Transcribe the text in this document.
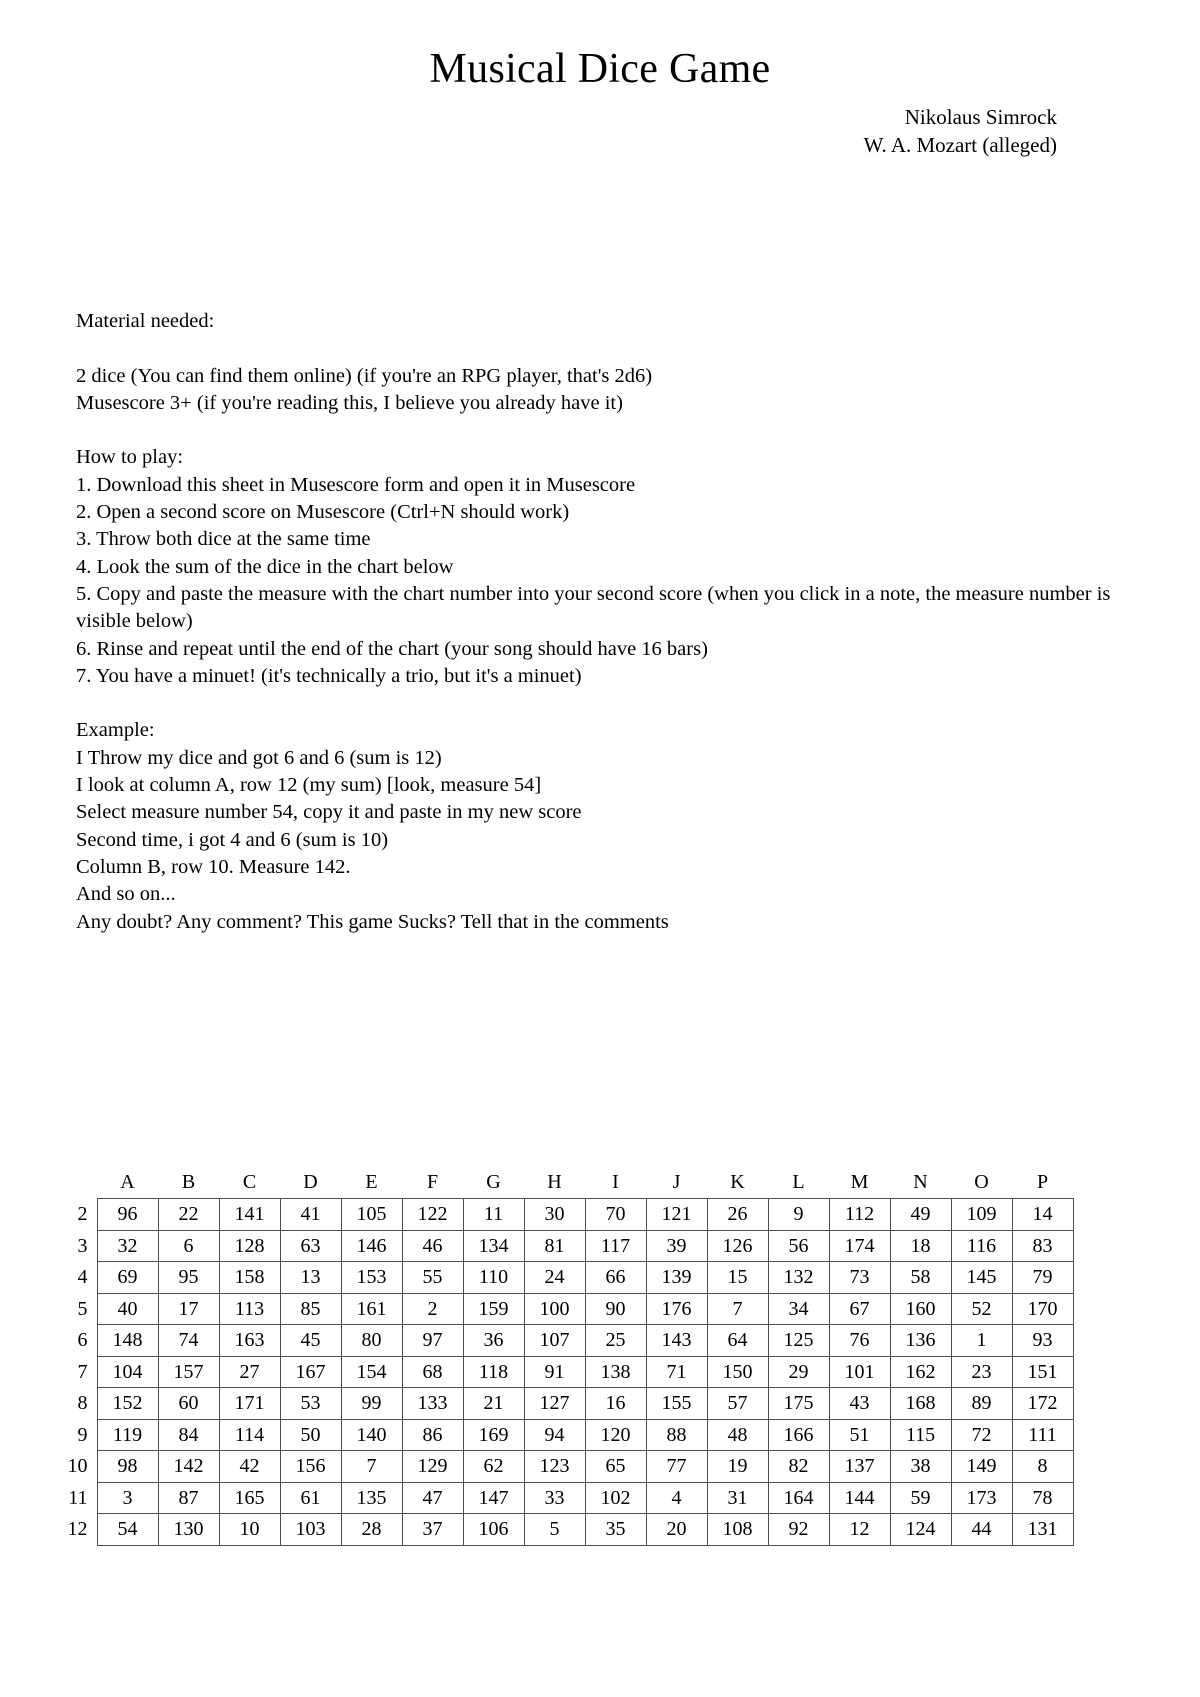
Musical Dice Game
Nikolaus Simrock
W. A. Mozart (alleged)

Material needed:

2 dice (You can find them online) (if you're an RPG player, that's 2d6)

Musescore 3+ (if you're reading this, I believe you already have it)

How to play:

1. Download this sheet in Musescore form and open it in Musescore

2. Open a second score on Musescore (Ctrl+N should work)

3. Throw both dice at the same time

4. Look the sum of the dice in the chart below

5. Copy and paste the measure with the chart number into your second score (when you click in a note, the measure number is visible below)

6. Rinse and repeat until the end of the chart (your song should have 16 bars)

7. You have a minuet! (it's technically a trio, but it's a minuet)

Example:

I Throw my dice and got 6 and 6 (sum is 12)

I look at column A, row 12 (my sum) [look, measure 54]

Select measure number 54, copy it and paste in my new score

Second time, i got 4 and 6 (sum is 10)

Column B, row 10. Measure 142.

And so on...

Any doubt? Any comment? This game Sucks? Tell that in the comments

	A	B	C	D	E	F	G	H	I	J	K	L	M	N	O	P
2	96	22	141	41	105	122	11	30	70	121	26	9	112	49	109	14
3	32	6	128	63	146	46	134	81	117	39	126	56	174	18	116	83
4	69	95	158	13	153	55	110	24	66	139	15	132	73	58	145	79
5	40	17	113	85	161	2	159	100	90	176	7	34	67	160	52	170
6	148	74	163	45	80	97	36	107	25	143	64	125	76	136	1	93
7	104	157	27	167	154	68	118	91	138	71	150	29	101	162	23	151
8	152	60	171	53	99	133	21	127	16	155	57	175	43	168	89	172
9	119	84	114	50	140	86	169	94	120	88	48	166	51	115	72	111
10	98	142	42	156	7	129	62	123	65	77	19	82	137	38	149	8
11	3	87	165	61	135	47	147	33	102	4	31	164	144	59	173	78
12	54	130	10	103	28	37	106	5	35	20	108	92	12	124	44	131
